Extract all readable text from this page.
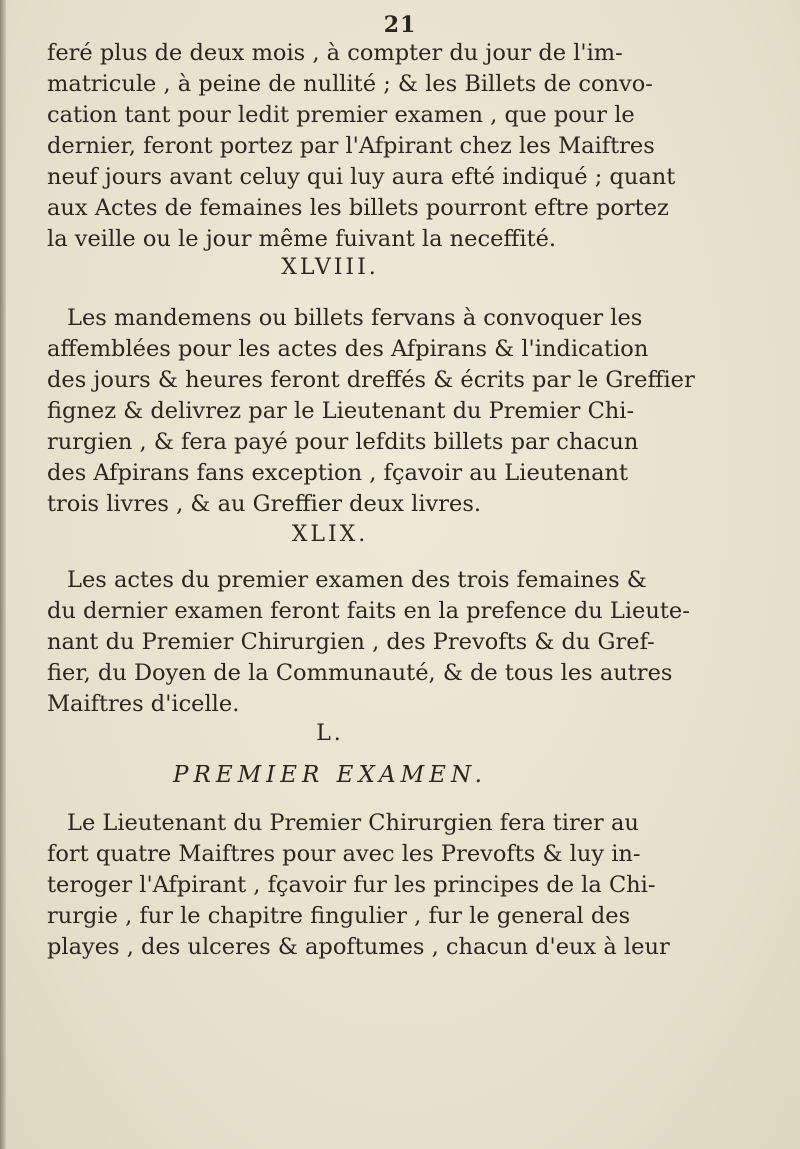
21
feré plus de deux mois , à compter du jour de l'im-
matricule , à peine de nullité ; & les Billets de convo-
cation tant pour ledit premier examen , que pour le
dernier, feront portez par l'Afpirant chez les Maiftres
neuf jours avant celuy qui luy aura efté indiqué ; quant
aux Actes de femaines les billets pourront eftre portez
la veille ou le jour même fuivant la neceffité.
XLVIII.
Les mandemens ou billets fervans à convoquer les
affemblées pour les actes des Afpirans & l'indication
des jours & heures feront dreffés & écrits par le Greffier
fignez & delivrez par le Lieutenant du Premier Chi-
rurgien , & fera payé pour lefdits billets par chacun
des Afpirans fans exception , fçavoir au Lieutenant
trois livres , & au Greffier deux livres.
XLIX.
Les actes du premier examen des trois femaines &
du dernier examen feront faits en la prefence du Lieute-
nant du Premier Chirurgien , des Prevofts & du Gref-
fier, du Doyen de la Communauté, & de tous les autres
Maiftres d'icelle.
L.
PREMIER EXAMEN.
Le Lieutenant du Premier Chirurgien fera tirer au
fort quatre Maiftres pour avec les Prevofts & luy in-
teroger l'Afpirant , fçavoir fur les principes de la Chi-
rurgie , fur le chapitre fingulier , fur le general des
playes , des ulceres & apoftumes , chacun d'eux à leur
